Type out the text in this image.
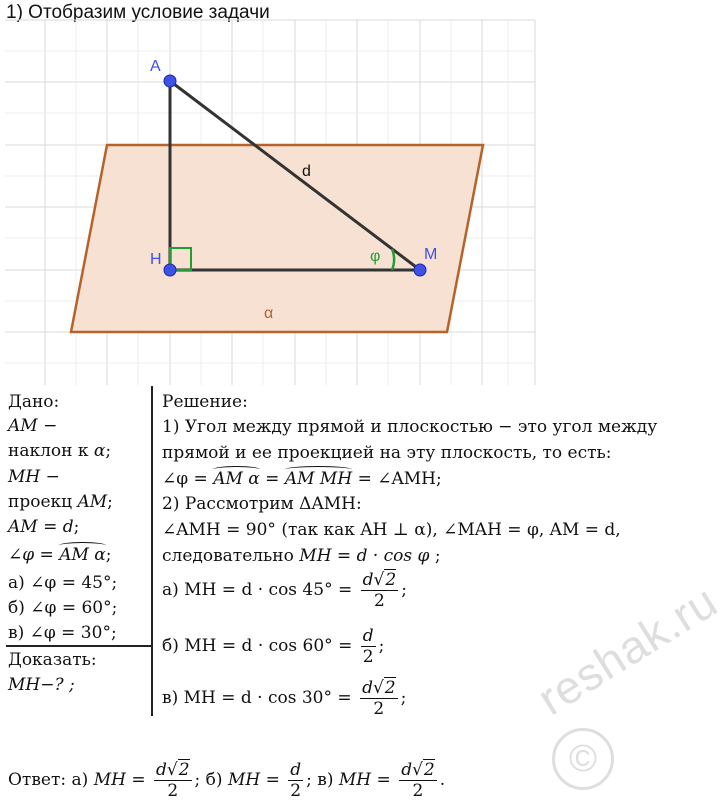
1) Отобразим условие задачи
A
H	M
d
φ
α
Дано:
AM −
наклон к α;
MH −
проекц AM;
AM = d;
∠φ = AM α;
а) ∠φ = 45°;
б) ∠φ = 60°;
в) ∠φ = 30°;
Доказать:
MH−? ;
Решение:
1) Угол между прямой и плоскостью − это угол между
прямой и ее проекцией на эту плоскость, то есть:
∠φ = AM α = AM MH = ∠AMH;
2) Рассмотрим ΔAMH:
∠AMH = 90° (так как AH ⊥ α), ∠MAH = φ, AM = d,
следовательно MH = d · cos φ ;
а) MH = $d \cdot \cos 45^\circ = \frac{d√2}{2}$ ;
б) MH = $d \cdot \cos 60^\circ = \frac{d}{2}$ ;
в) MH = $d \cdot \cos 30^\circ = \frac{d√2}{2}$ ;
Ответ: а) MH = $\frac{d√2}{2}$ ; б) MH = $\frac{d}{2}$ ; в) MH = $\frac{d√2}{2}$ .
reshak.ru
©
